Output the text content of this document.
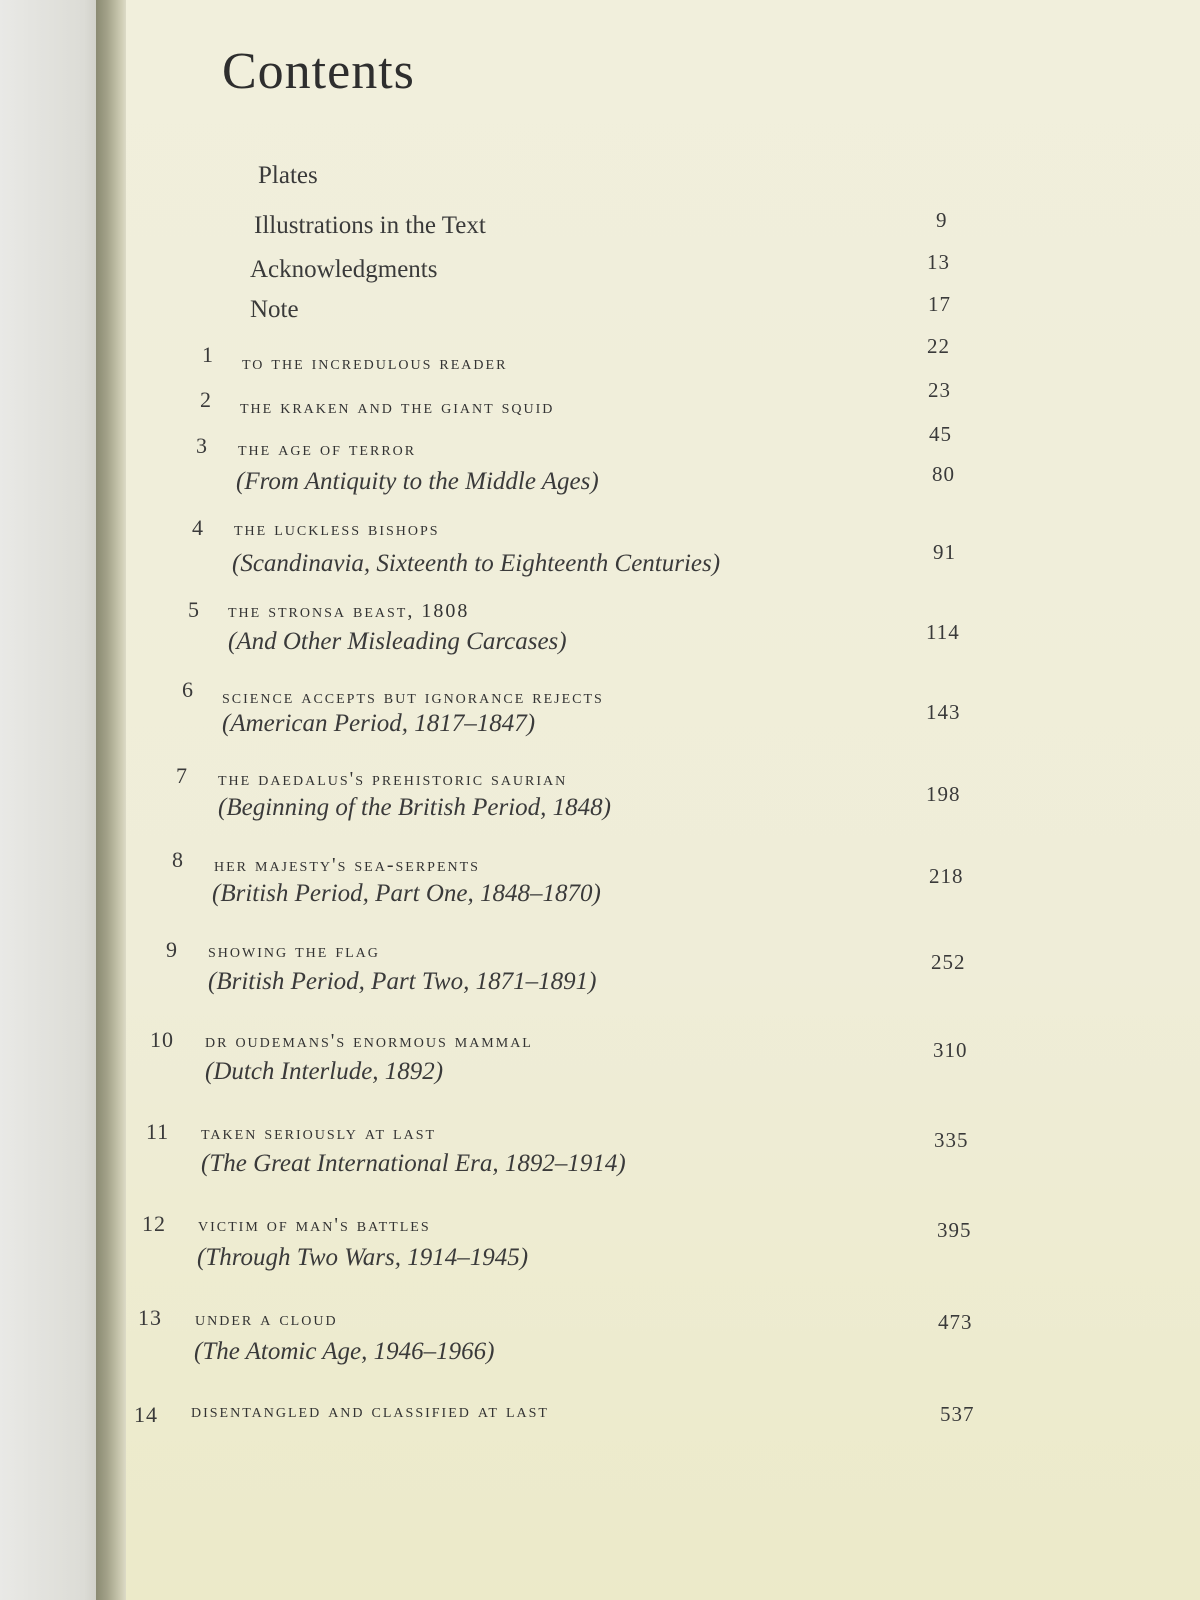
Contents
Plates
Illustrations in the Text
Acknowledgments
Note
9
13
17
22
23
45
80
91
114
143
198
218
252
310
335
395
473
537
1 to the incredulous reader
2 the kraken and the giant squid
3 the age of terror
(From Antiquity to the Middle Ages)
4 the luckless bishops
(Scandinavia, Sixteenth to Eighteenth Centuries)
5 the stronsa beast, 1808
(And Other Misleading Carcases)
6 science accepts but ignorance rejects
(American Period, 1817–1847)
7 the daedalus's prehistoric saurian
(Beginning of the British Period, 1848)
8 her majesty's sea-serpents
(British Period, Part One, 1848–1870)
9 showing the flag
(British Period, Part Two, 1871–1891)
10 dr oudemans's enormous mammal
(Dutch Interlude, 1892)
11 taken seriously at last
(The Great International Era, 1892–1914)
12 victim of man's battles
(Through Two Wars, 1914–1945)
13 under a cloud
(The Atomic Age, 1946–1966)
14 disentangled and classified at last
